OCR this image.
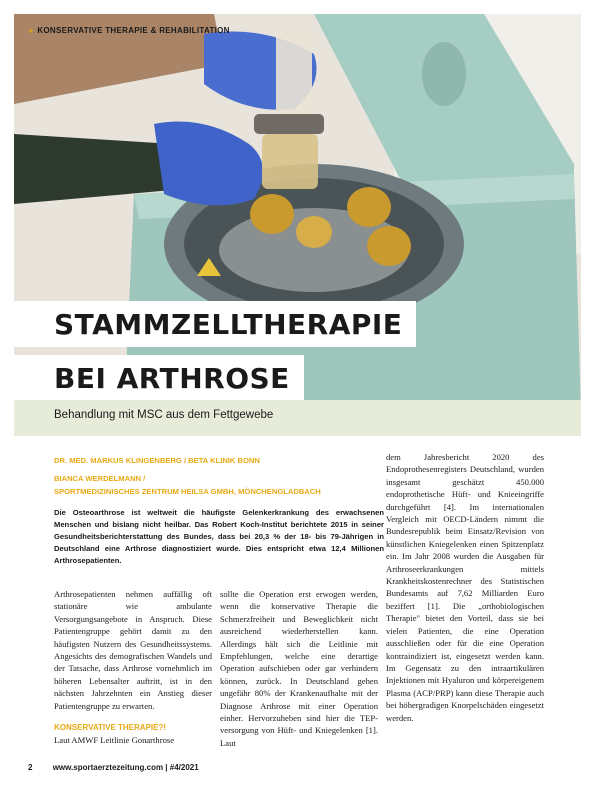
» KONSERVATIVE THERAPIE & REHABILITATION
STAMMZELLTHERAPIE
BEI ARTHROSE
Behandlung mit MSC aus dem Fettgewebe
DR. MED. MARKUS KLINGENBERG / BETA KLINIK BONN
BIANCA WERDELMANN /
SPORTMEDIZINISCHES ZENTRUM HEILSA GMBH, MÖNCHENGLADBACH
Die Osteoarthrose ist weltweit die häufigste Gelenkerkrankung des erwachsenen Menschen und bislang nicht heilbar. Das Robert Koch-Institut berichtete 2015 in seiner Gesundheitsberichterstattung des Bundes, dass bei 20,3 % der 18- bis 79-Jährigen in Deutschland eine Arthrose diagnostiziert wurde. Dies entspricht etwa 12,4 Millionen Arthrosepatienten.

Arthrosepatienten nehmen auffällig oft stationäre wie ambulante Versorgungsangebote in Anspruch. Diese Patientengruppe gehört damit zu den häufigsten Nutzern des Gesundheitssystems. Angesichts des demografischen Wandels und der Tatsache, dass Arthrose vornehmlich im höheren Lebensalter auftritt, ist in den nächsten Jahrzehnten ein Anstieg dieser Patientengruppe zu erwarten.

KONSERVATIVE THERAPIE?!

Laut AMWF Leitlinie Gonarthrose

sollte die Operation erst erwogen werden, wenn die konservative Therapie die Schmerzfreiheit und Beweglichkeit nicht ausreichend wiederherstellen kann. Allerdings hält sich die Leitlinie mit Empfehlungen, welche eine derartige Operation aufschieben oder gar verhindern können, zurück. In Deutschland gehen ungefähr 80% der Krankenaufhalte mit der Diagnose Arthrose mit einer Operation einher. Hervorzuheben sind hier die TEP-versorgung von Hüft- und Kniegelenken [1]. Laut

dem Jahresbericht 2020 des Endoprothesenregisters Deutschland, wurden insgesamt geschätzt 450.000 endoprothetische Hüft- und Knieeingriffe durchgeführt [4]. Im internationalen Vergleich mit OECD-Ländern nimmt die Bundesrepublik beim Einsatz/Revision von künstlichen Kniegelenken einen Spitzenplatz ein. Im Jahr 2008 wurden die Ausgaben für Arthroseerkrankungen mittels Krankheitskostenrechner des Statistischen Bundesamts auf 7,62 Milliarden Euro beziffert [1]. Die „orthobiologischen Therapie" bietet den Vorteil, dass sie bei vielen Patienten, die eine Operation ausschließen oder für die eine Operation kontraindiziert ist, eingesetzt werden kann. Im Gegensatz zu den intraartikulären Injektionen mit Hyaluron und körpereigenem Plasma (ACP/PRP) kann diese Therapie auch bei höhergradigen Knorpelschäden eingesetzt werden.

2	www.sportaerztezeitung.com | #4/2021
